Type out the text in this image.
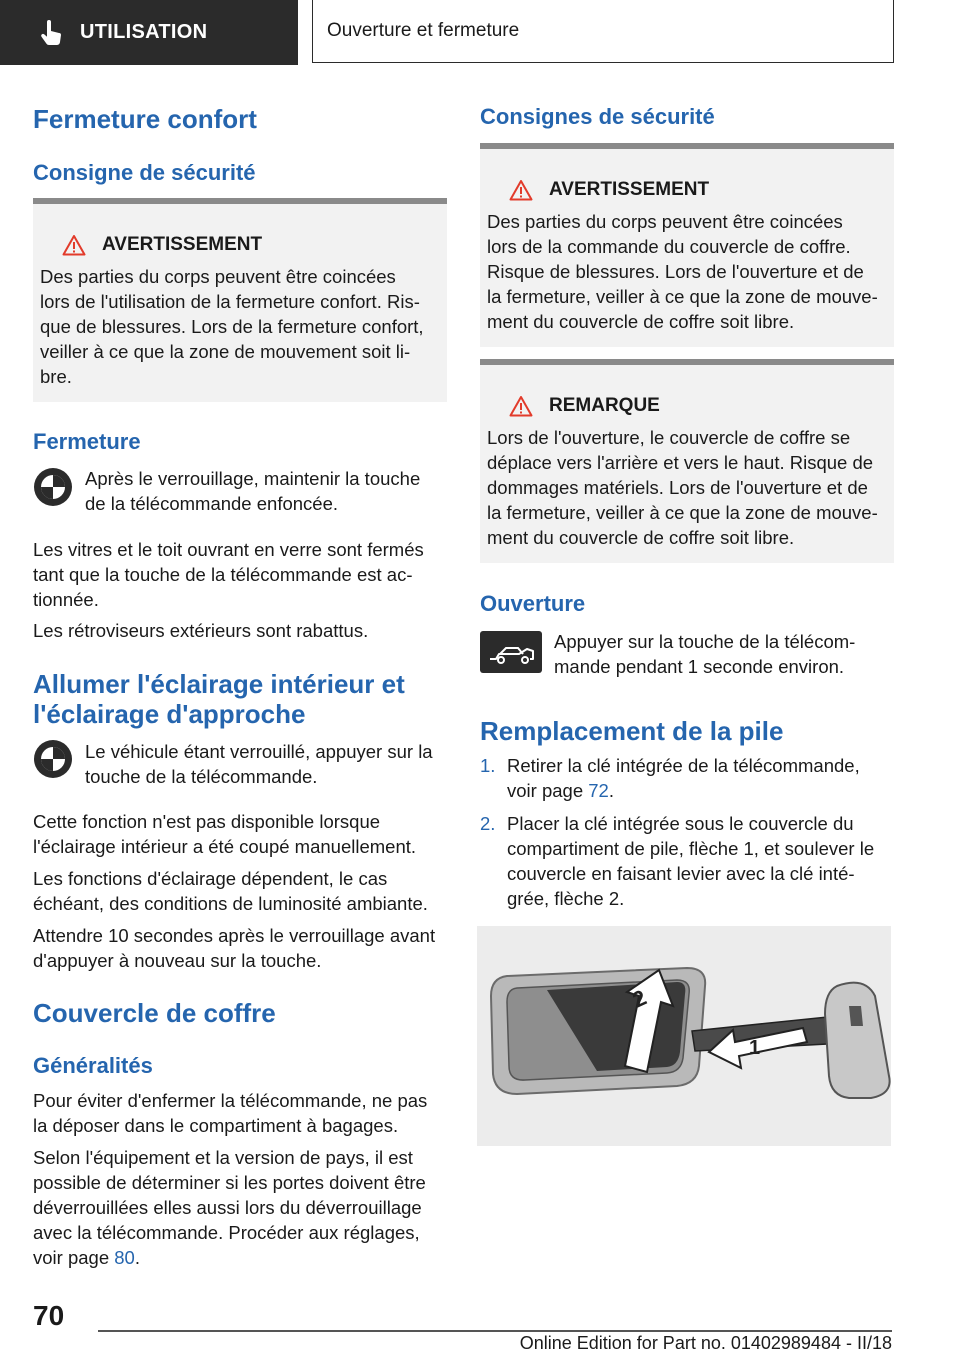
UTILISATION	Ouverture et fermeture
Fermeture confort
Consigne de sécurité
AVERTISSEMENT
Des parties du corps peuvent être coincées
lors de l'utilisation de la fermeture confort. Ris-
que de blessures. Lors de la fermeture confort,
veiller à ce que la zone de mouvement soit li-
bre.
Fermeture
Après le verrouillage, maintenir la touche
de la télécommande enfoncée.
Les vitres et le toit ouvrant en verre sont fermés
tant que la touche de la télécommande est ac-
tionnée.
Les rétroviseurs extérieurs sont rabattus.
Allumer l'éclairage intérieur et
l'éclairage d'approche
Le véhicule étant verrouillé, appuyer sur la
touche de la télécommande.
Cette fonction n'est pas disponible lorsque
l'éclairage intérieur a été coupé manuellement.
Les fonctions d'éclairage dépendent, le cas
échéant, des conditions de luminosité ambiante.
Attendre 10 secondes après le verrouillage avant
d'appuyer à nouveau sur la touche.
Couvercle de coffre
Généralités
Pour éviter d'enfermer la télécommande, ne pas
la déposer dans le compartiment à bagages.
Selon l'équipement et la version de pays, il est
possible de déterminer si les portes doivent être
déverrouillées elles aussi lors du déverrouillage
avec la télécommande. Procéder aux réglages,
voir page 80.
Consignes de sécurité
AVERTISSEMENT
Des parties du corps peuvent être coincées
lors de la commande du couvercle de coffre.
Risque de blessures. Lors de l'ouverture et de
la fermeture, veiller à ce que la zone de mouve-
ment du couvercle de coffre soit libre.
REMARQUE
Lors de l'ouverture, le couvercle de coffre se
déplace vers l'arrière et vers le haut. Risque de
dommages matériels. Lors de l'ouverture et de
la fermeture, veiller à ce que la zone de mouve-
ment du couvercle de coffre soit libre.
Ouverture
Appuyer sur la touche de la télécom-
mande pendant 1 seconde environ.
Remplacement de la pile
1. Retirer la clé intégrée de la télécommande,
voir page 72.
2. Placer la clé intégrée sous le couvercle du
compartiment de pile, flèche 1, et soulever le
couvercle en faisant levier avec la clé inté-
grée, flèche 2.
2
1
70
Online Edition for Part no. 01402989484 - II/18
